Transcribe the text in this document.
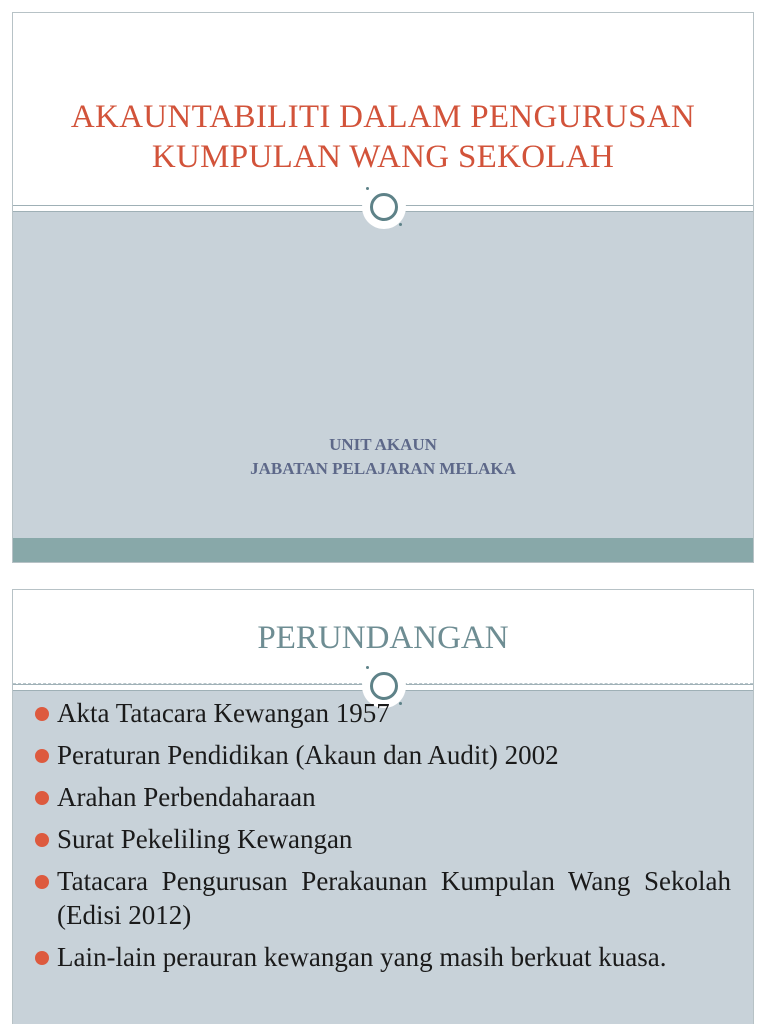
AKAUNTABILITI DALAM PENGURUSAN
KUMPULAN WANG SEKOLAH
UNIT AKAUN
JABATAN PELAJARAN MELAKA
PERUNDANGAN
Akta Tatacara Kewangan 1957
Peraturan Pendidikan (Akaun dan Audit) 2002
Arahan Perbendaharaan
Surat Pekeliling Kewangan
Tatacara Pengurusan Perakaunan Kumpulan Wang Sekolah (Edisi 2012)
Lain-lain perauran kewangan yang masih berkuat kuasa.
